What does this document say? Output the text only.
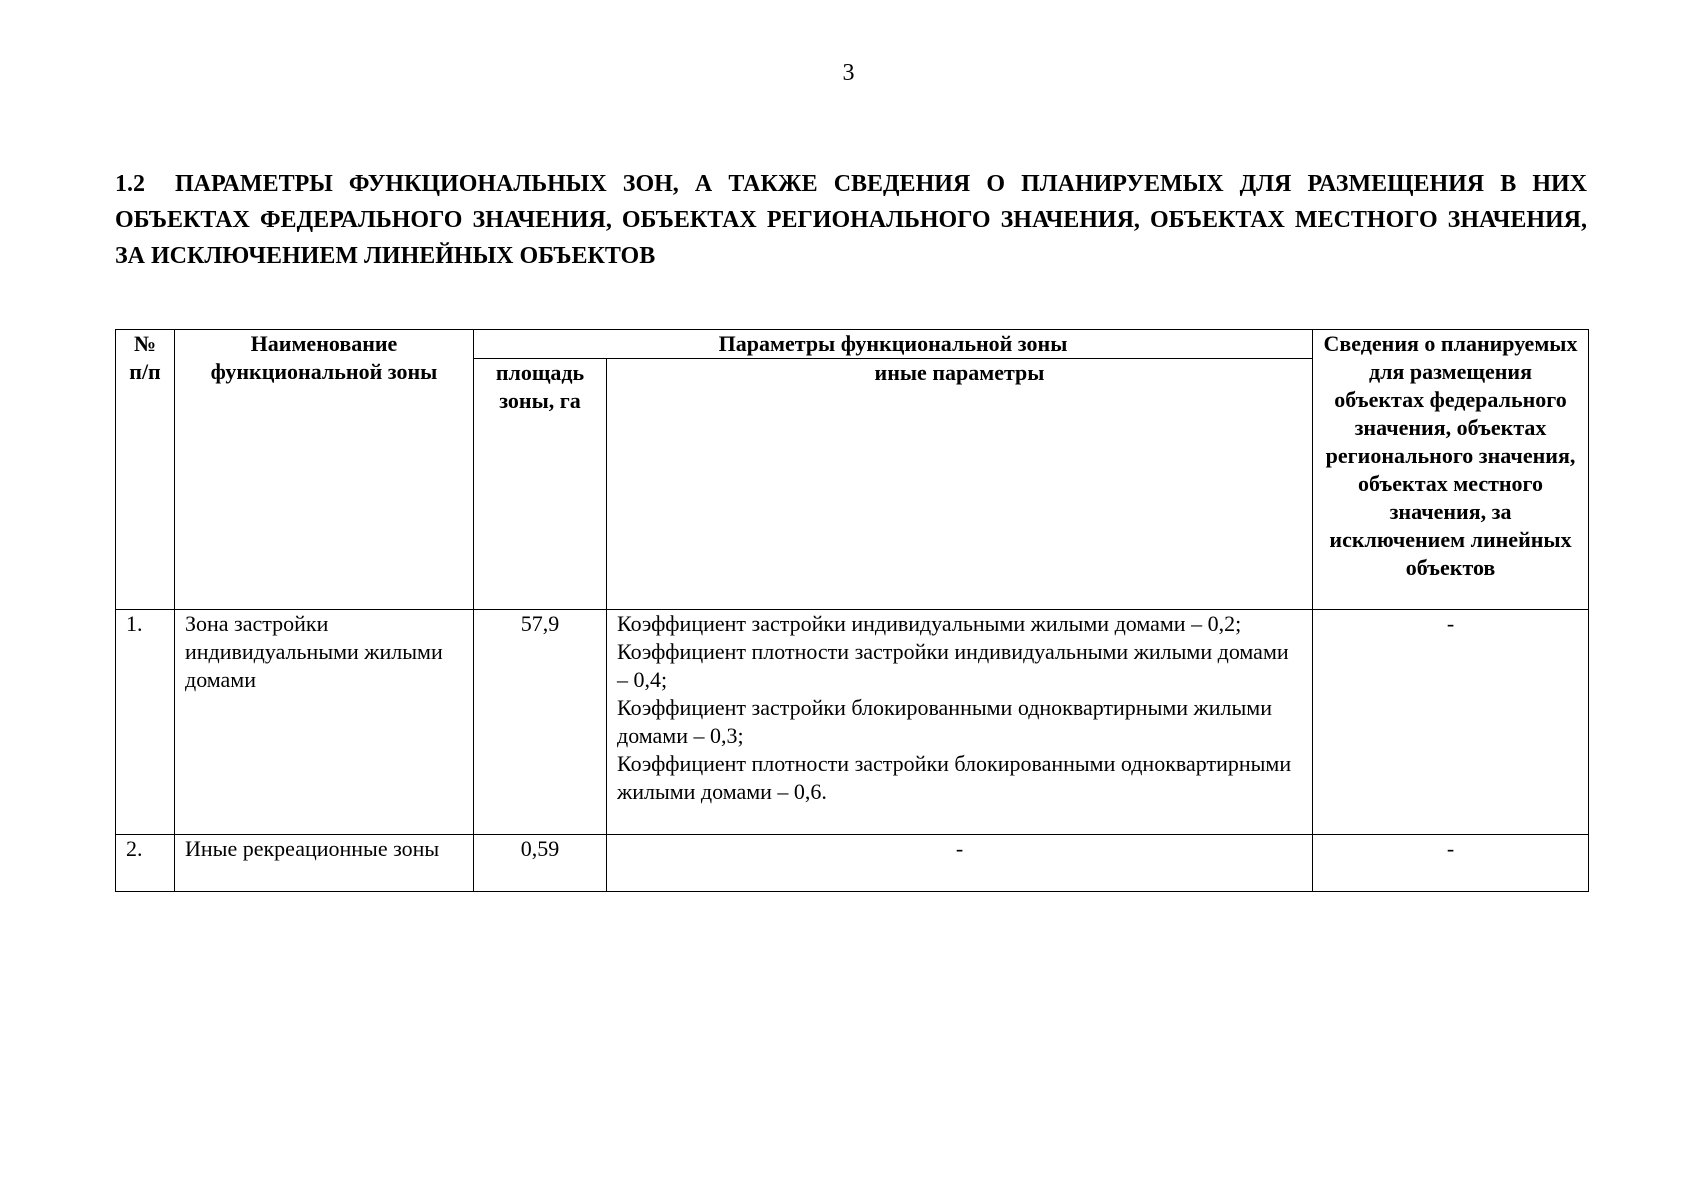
3
1.2 ПАРАМЕТРЫ ФУНКЦИОНАЛЬНЫХ ЗОН, А ТАКЖЕ СВЕДЕНИЯ О ПЛАНИРУЕМЫХ ДЛЯ РАЗМЕЩЕНИЯ В НИХ ОБЪЕКТАХ ФЕДЕРАЛЬНОГО ЗНАЧЕНИЯ, ОБЪЕКТАХ РЕГИОНАЛЬНОГО ЗНАЧЕНИЯ, ОБЪЕКТАХ МЕСТНОГО ЗНАЧЕНИЯ, ЗА ИСКЛЮЧЕНИЕМ ЛИНЕЙНЫХ ОБЪЕКТОВ
№ п/п	Наименование функциональной зоны	Параметры функциональной зоны		Сведения о планируемых для размещения объектах федерального значения, объектах регионального значения, объектах местного значения, за исключением линейных объектов
		площадь зоны, га	иные параметры	
1.	Зона застройки индивидуальными жилыми домами	57,9	Коэффициент застройки индивидуальными жилыми домами – 0,2;
Коэффициент плотности застройки индивидуальными жилыми домами – 0,4;
Коэффициент застройки блокированными одноквартирными жилыми домами – 0,3;
Коэффициент плотности застройки блокированными одноквартирными жилыми домами – 0,6.	-
2.	Иные рекреационные зоны	0,59	-	-
